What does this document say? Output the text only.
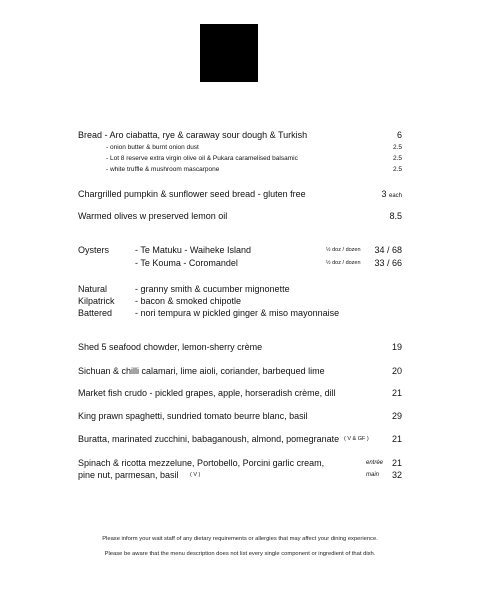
Bread - Aro ciabatta, rye & caraway sour dough & Turkish	6
- onion butter & burnt onion dust	2.5
- Lot 8 reserve extra virgin olive oil & Pukara caramelised balsamic	2.5
- white truffle & mushroom mascarpone	2.5
Chargrilled pumpkin & sunflower seed bread - gluten free	3 each
Warmed olives w preserved lemon oil	8.5
Oysters	- Te Matuku - Waiheke Island	½ doz / dozen 34 / 68
- Te Kouma - Coromandel	½ doz / dozen 33 / 66
Natural	- granny smith & cucumber mignonette
Kilpatrick - bacon & smoked chipotle
Battered	- nori tempura w pickled ginger & miso mayonnaise
Shed 5 seafood chowder, lemon-sherry crème	19
Sichuan & chilli calamari, lime aioli, coriander, barbequed lime	20
Market fish crudo - pickled grapes, apple, horseradish crème, dill	21
King prawn spaghetti, sundried tomato beurre blanc, basil	29
Buratta, marinated zucchini, babaganoush, almond, pomegranate ( V & GF )	21
Spinach & ricotta mezzelune, Portobello, Porcini garlic cream,	entrée 21
pine nut, parmesan, basil ( V )	main 32
Please inform your wait staff of any dietary requirements or allergies that may affect your dining experience.
Please be aware that the menu description does not list every single component or ingredient of that dish.
